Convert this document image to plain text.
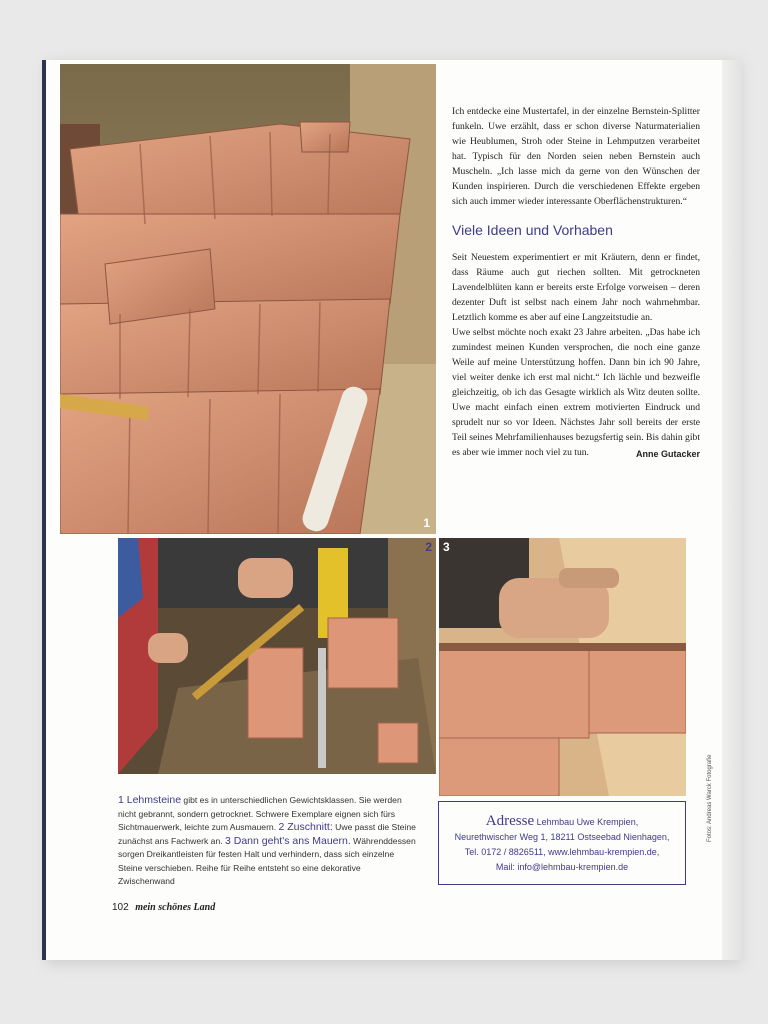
1
2 3

Ich entdecke eine Mustertafel, in der einzelne Bernstein-Splitter funkeln. Uwe erzählt, dass er schon diverse Naturmaterialien wie Heublumen, Stroh oder Steine in Lehmputzen verarbeitet hat. Typisch für den Norden seien neben Bernstein auch Muscheln. „Ich lasse mich da gerne von den Wünschen der Kunden inspirieren. Durch die verschiedenen Effekte ergeben sich auch immer wieder interessante Oberflächenstrukturen.“

Viele Ideen und Vorhaben

Seit Neuestem experimentiert er mit Kräutern, denn er findet, dass Räume auch gut riechen sollten. Mit getrockneten Lavendelblüten kann er bereits erste Erfolge vorweisen – deren dezenter Duft ist selbst nach einem Jahr noch wahrnehmbar. Letztlich komme es aber auf eine Langzeitstudie an.

Uwe selbst möchte noch exakt 23 Jahre arbeiten. „Das habe ich zumindest meinen Kunden versprochen, die noch eine ganze Weile auf meine Unterstützung hoffen. Dann bin ich 90 Jahre, viel weiter denke ich erst mal nicht.“ Ich lächle und bezweifle gleichzeitig, ob ich das Gesagte wirklich als Witz deuten sollte. Uwe macht einfach einen extrem motivierten Eindruck und sprudelt nur so vor Ideen. Nächstes Jahr soll bereits der erste Teil seines Mehrfamilienhauses bezugsfertig sein. Bis dahin gibt es aber wie immer noch viel zu tun.	Anne Gutacker
1 Lehmsteine gibt es in unterschiedlichen Gewichtsklassen. Sie werden nicht gebrannt, sondern getrocknet. Schwere Exemplare eignen sich fürs Sichtmauerwerk, leichte zum Ausmauern. 2 Zuschnitt: Uwe passt die Steine zunächst ans Fachwerk an. 3 Dann geht's ans Mauern. Währenddessen sorgen Dreikantleisten für festen Halt und verhindern, dass sich einzelne Steine verschieben. Reihe für Reihe entsteht so eine dekorative Zwischenwand
Adresse Lehmbau Uwe Krempien,
Neurethwischer Weg 1, 18211 Ostseebad Nienhagen,
Tel. 0172 / 8826511, www.lehmbau-krempien.de,
Mail: info@lehmbau-krempien.de
102 mein schönes Land
Fotos: Andreas Warck Fotografie
